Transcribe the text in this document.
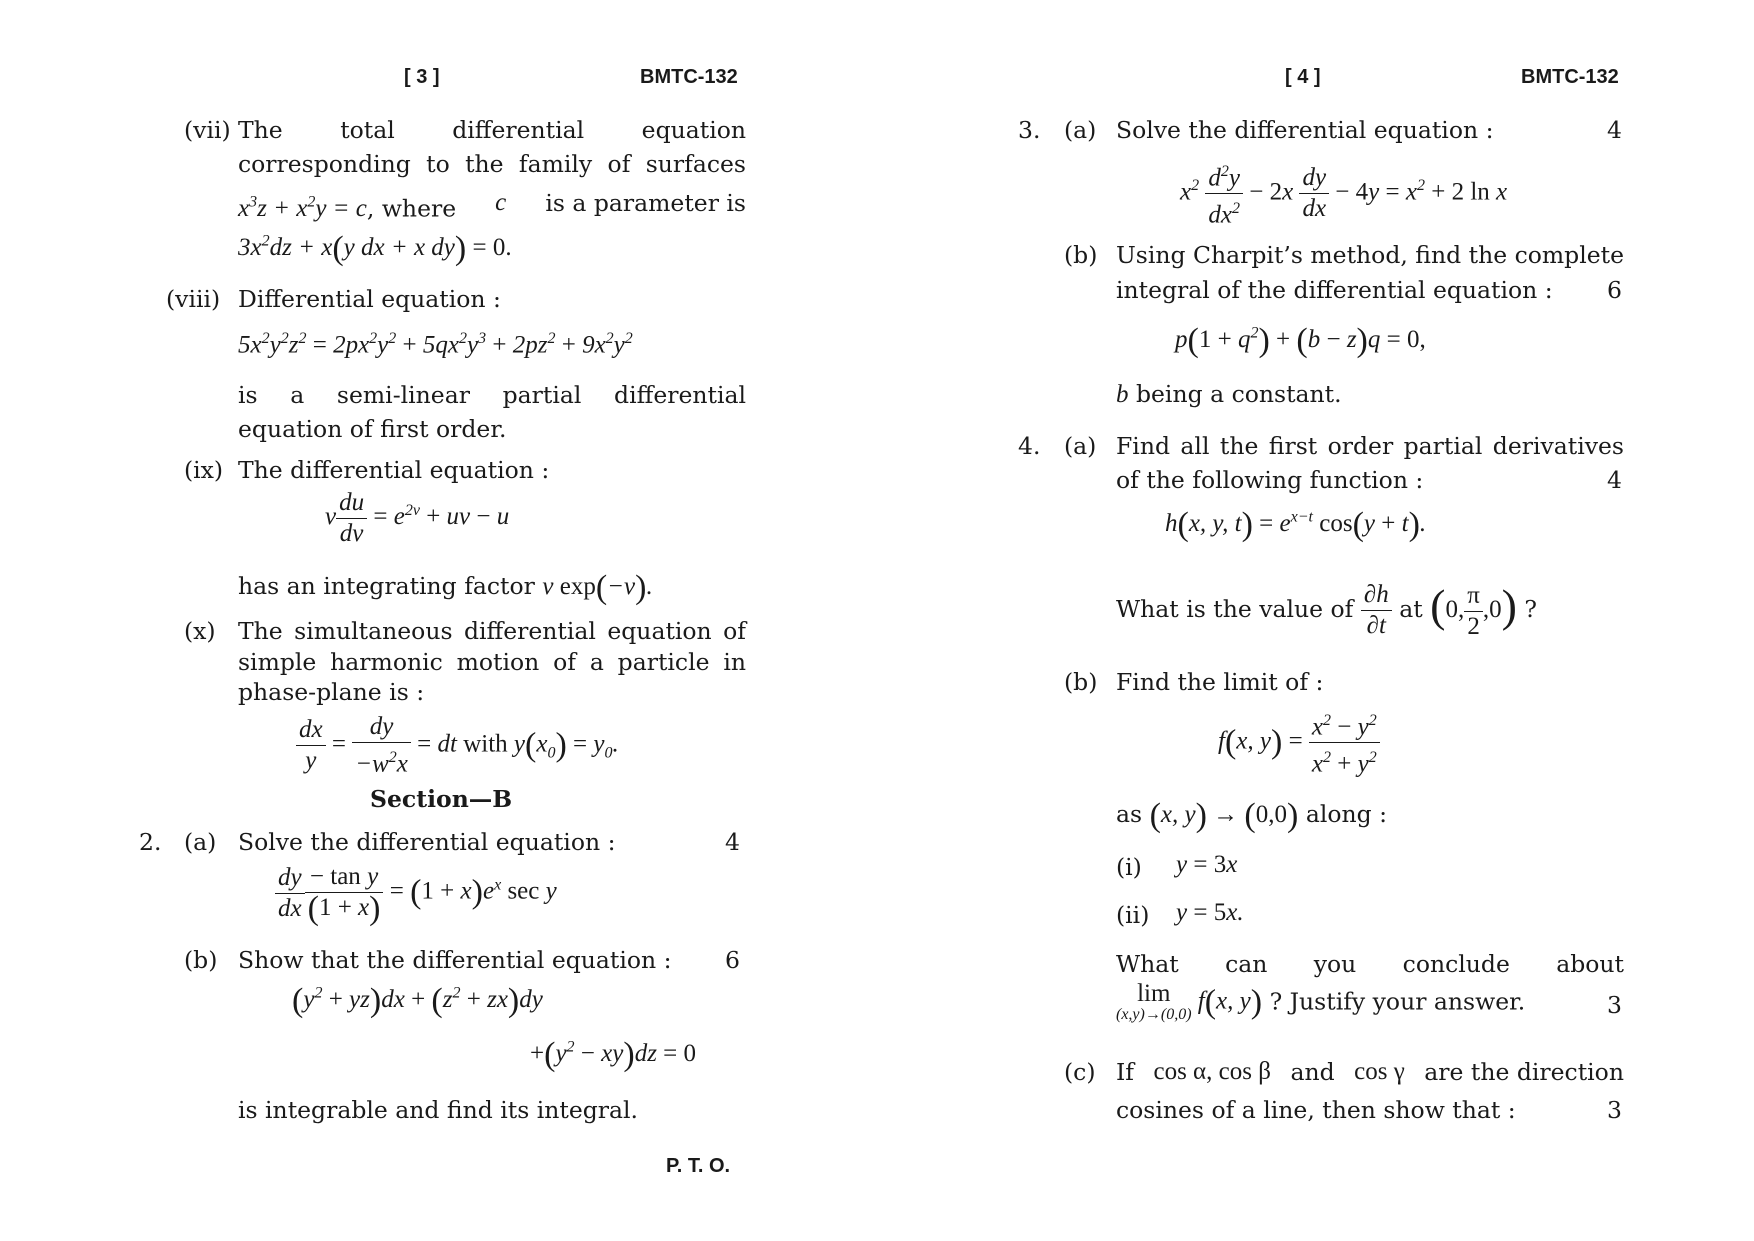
[ 3 ]	BMTC-132
(vii) The total differential equation
corresponding to the family of surfaces
$x^3z + x^2y = c$, where c is a parameter is
$3x^2dz + x(y$ dx + x dy) = 0.
(viii) Differential equation :
$5x^2y^2z^2 = 2px^2y^2 + 5qx^2y^3 + 2pz^2 + 9x^2y^2$
is a semi-linear partial differential
equation of first order.
(ix) The differential equation :
v $\frac{du}{dv} = e^{2v}$ + uv − u
has an integrating factor v exp(−v).
(x) The simultaneous differential equation of
simple harmonic motion of a particle in
phase-plane is :
$\frac{dx}{y} = \frac{dy}{-w^2x}$ = dt with $y(x_0) = y_0$.
Section—B
2. (a) Solve the differential equation :	4
$\frac{dy}{dx} \frac{\text{− tan y}}{(1 + x)} = (1 + x)e^x$ sec y
(b) Show that the differential equation : 6
$(y^2 + yz)dx + (z^2 + zx)dy$
$+(y^2 - xy)dz = 0$
is integrable and find its integral.
P. T. O.
[ 4 ]	BMTC-132
3. (a) Solve the differential equation :	4
$x^2 \frac{d^2y}{dx^2} - 2x \frac{dy}{dx} - 4y = x^2 + 2$ ln x
(b) Using Charpit’s method, find the complete
integral of the differential equation : 6
$p(1 + q^2) + (b - z)q = 0$,
b being a constant.
4. (a) Find all the first order partial derivatives
of the following function :	4
h(x, y, $t) = e^{x-t}$ cos(y + t).
What is the value of $\frac{\partial h}{\partial t}$ at (0, $\frac{\pi}{2} ,0$) ?
(b) Find the limit of :
f(x, $y) = \frac{x^2 - y^2}{x^2 + y^2}$
as (x, y) → (0,0) along :
(i) y = 3x
(ii) y = 5x.
What can you conclude about
lim
(x,y)→(0,0) f(x, y) ? Justify your answer.	3
(c) If cos α, cos β and cos γ are the direction
cosines of a line, then show that :	3
